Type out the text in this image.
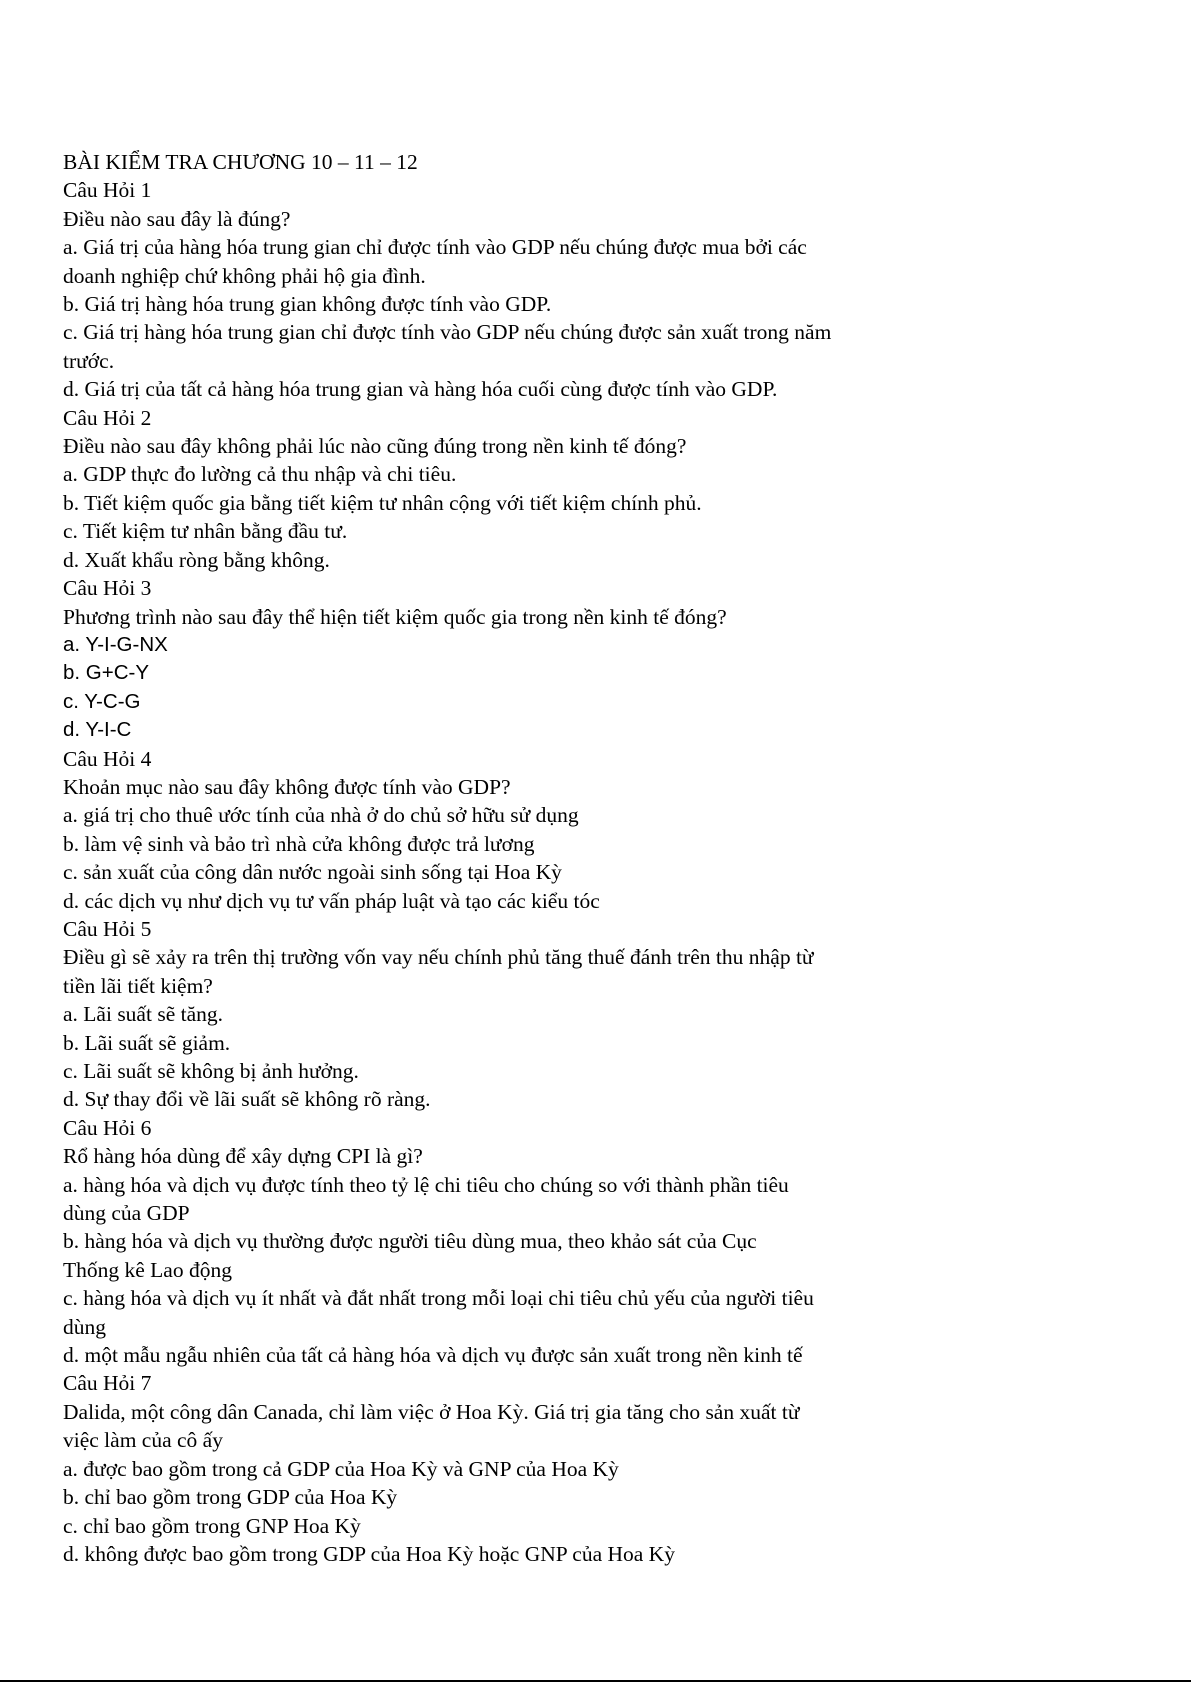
BÀI KIỂM TRA CHƯƠNG 10 – 11 – 12

Câu Hỏi 1

Điều nào sau đây là đúng?

a. Giá trị của hàng hóa trung gian chỉ được tính vào GDP nếu chúng được mua bởi các

doanh nghiệp chứ không phải hộ gia đình.

b. Giá trị hàng hóa trung gian không được tính vào GDP.

c. Giá trị hàng hóa trung gian chỉ được tính vào GDP nếu chúng được sản xuất trong năm

trước.

d. Giá trị của tất cả hàng hóa trung gian và hàng hóa cuối cùng được tính vào GDP.

Câu Hỏi 2

Điều nào sau đây không phải lúc nào cũng đúng trong nền kinh tế đóng?

a. GDP thực đo lường cả thu nhập và chi tiêu.

b. Tiết kiệm quốc gia bằng tiết kiệm tư nhân cộng với tiết kiệm chính phủ.

c. Tiết kiệm tư nhân bằng đầu tư.

d. Xuất khẩu ròng bằng không.

Câu Hỏi 3

Phương trình nào sau đây thể hiện tiết kiệm quốc gia trong nền kinh tế đóng?

a. Y-I-G-NX

b. G+C-Y

c. Y-C-G

d. Y-I-C

Câu Hỏi 4

Khoản mục nào sau đây không được tính vào GDP?

a. giá trị cho thuê ước tính của nhà ở do chủ sở hữu sử dụng

b. làm vệ sinh và bảo trì nhà cửa không được trả lương

c. sản xuất của công dân nước ngoài sinh sống tại Hoa Kỳ

d. các dịch vụ như dịch vụ tư vấn pháp luật và tạo các kiểu tóc

Câu Hỏi 5

Điều gì sẽ xảy ra trên thị trường vốn vay nếu chính phủ tăng thuế đánh trên thu nhập từ

tiền lãi tiết kiệm?

a. Lãi suất sẽ tăng.

b. Lãi suất sẽ giảm.

c. Lãi suất sẽ không bị ảnh hưởng.

d. Sự thay đổi về lãi suất sẽ không rõ ràng.

Câu Hỏi 6

Rổ hàng hóa dùng để xây dựng CPI là gì?

a. hàng hóa và dịch vụ được tính theo tỷ lệ chi tiêu cho chúng so với thành phần tiêu

dùng của GDP

b. hàng hóa và dịch vụ thường được người tiêu dùng mua, theo khảo sát của Cục

Thống kê Lao động

c. hàng hóa và dịch vụ ít nhất và đắt nhất trong mỗi loại chi tiêu chủ yếu của người tiêu

dùng

d. một mẫu ngẫu nhiên của tất cả hàng hóa và dịch vụ được sản xuất trong nền kinh tế

Câu Hỏi 7

Dalida, một công dân Canada, chỉ làm việc ở Hoa Kỳ. Giá trị gia tăng cho sản xuất từ

việc làm của cô ấy

a. được bao gồm trong cả GDP của Hoa Kỳ và GNP của Hoa Kỳ

b. chỉ bao gồm trong GDP của Hoa Kỳ

c. chỉ bao gồm trong GNP Hoa Kỳ

d. không được bao gồm trong GDP của Hoa Kỳ hoặc GNP của Hoa Kỳ
